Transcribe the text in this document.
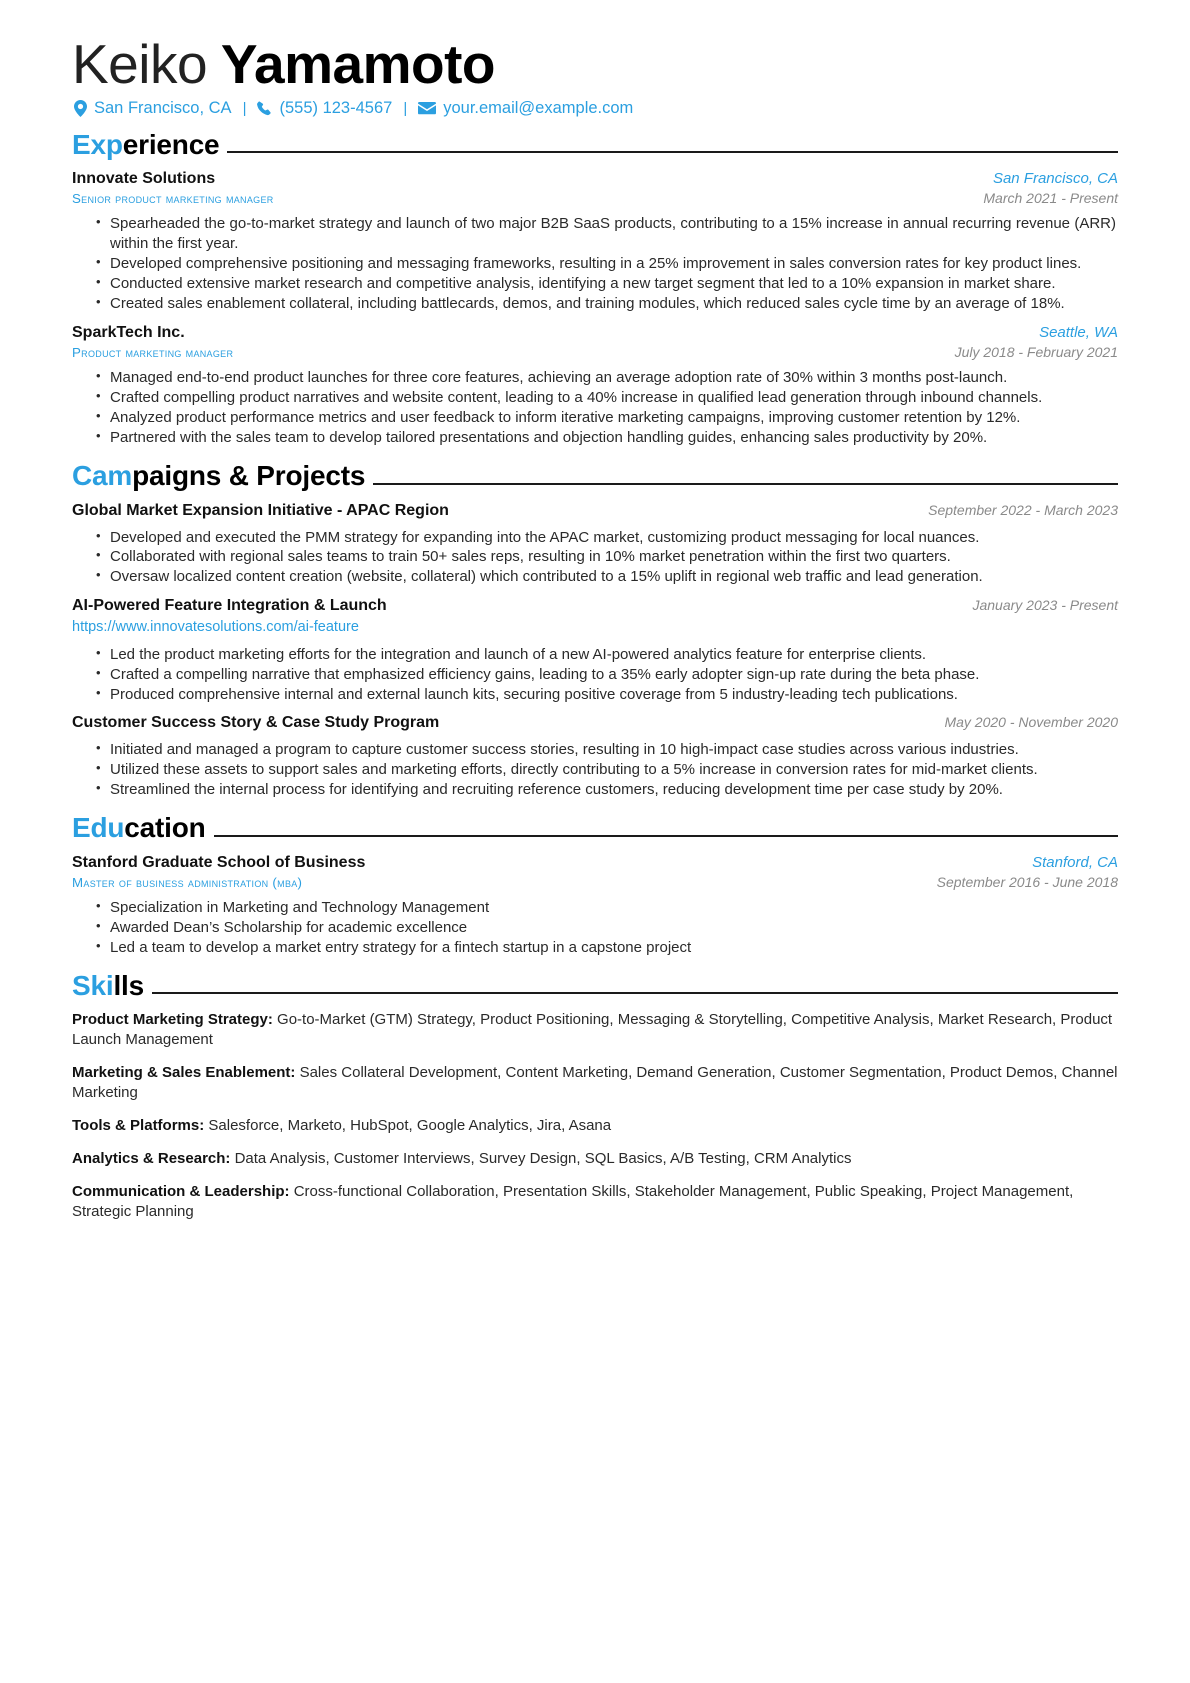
Keiko Yamamoto
San Francisco, CA |	(555) 123-4567 |	your.email@example.com
Experience
Innovate Solutions	San Francisco, CA
Senior product marketing manager	March 2021 - Present
• Spearheaded the go-to-market strategy and launch of two major B2B SaaS products, contributing to a 15% increase in annual recurring revenue (ARR) within the first year.
• Developed comprehensive positioning and messaging frameworks, resulting in a 25% improvement in sales conversion rates for key product lines.
• Conducted extensive market research and competitive analysis, identifying a new target segment that led to a 10% expansion in market share.
• Created sales enablement collateral, including battlecards, demos, and training modules, which reduced sales cycle time by an average of 18%.
SparkTech Inc.	Seattle, WA
Product marketing manager	July 2018 - February 2021
• Managed end-to-end product launches for three core features, achieving an average adoption rate of 30% within 3 months post-launch.
• Crafted compelling product narratives and website content, leading to a 40% increase in qualified lead generation through inbound channels.
• Analyzed product performance metrics and user feedback to inform iterative marketing campaigns, improving customer retention by 12%.
• Partnered with the sales team to develop tailored presentations and objection handling guides, enhancing sales productivity by 20%.
Campaigns & Projects
Global Market Expansion Initiative - APAC Region	September 2022 - March 2023
• Developed and executed the PMM strategy for expanding into the APAC market, customizing product messaging for local nuances.
• Collaborated with regional sales teams to train 50+ sales reps, resulting in 10% market penetration within the first two quarters.
• Oversaw localized content creation (website, collateral) which contributed to a 15% uplift in regional web traffic and lead generation.
AI-Powered Feature Integration & Launch	January 2023 - Present
https://www.innovatesolutions.com/ai-feature
• Led the product marketing efforts for the integration and launch of a new AI-powered analytics feature for enterprise clients.
• Crafted a compelling narrative that emphasized efficiency gains, leading to a 35% early adopter sign-up rate during the beta phase.
• Produced comprehensive internal and external launch kits, securing positive coverage from 5 industry-leading tech publications.
Customer Success Story & Case Study Program	May 2020 - November 2020
• Initiated and managed a program to capture customer success stories, resulting in 10 high-impact case studies across various industries.
• Utilized these assets to support sales and marketing efforts, directly contributing to a 5% increase in conversion rates for mid-market clients.
• Streamlined the internal process for identifying and recruiting reference customers, reducing development time per case study by 20%.
Education
Stanford Graduate School of Business	Stanford, CA
Master of business administration (mba)	September 2016 - June 2018
• Specialization in Marketing and Technology Management
• Awarded Dean’s Scholarship for academic excellence
• Led a team to develop a market entry strategy for a fintech startup in a capstone project
Skills
Product Marketing Strategy: Go-to-Market (GTM) Strategy, Product Positioning, Messaging & Storytelling, Competitive Analysis, Market Research, Product Launch Management
Marketing & Sales Enablement: Sales Collateral Development, Content Marketing, Demand Generation, Customer Segmentation, Product Demos, Channel Marketing
Tools & Platforms: Salesforce, Marketo, HubSpot, Google Analytics, Jira, Asana
Analytics & Research: Data Analysis, Customer Interviews, Survey Design, SQL Basics, A/B Testing, CRM Analytics
Communication & Leadership: Cross-functional Collaboration, Presentation Skills, Stakeholder Management, Public Speaking, Project Management, Strategic Planning
